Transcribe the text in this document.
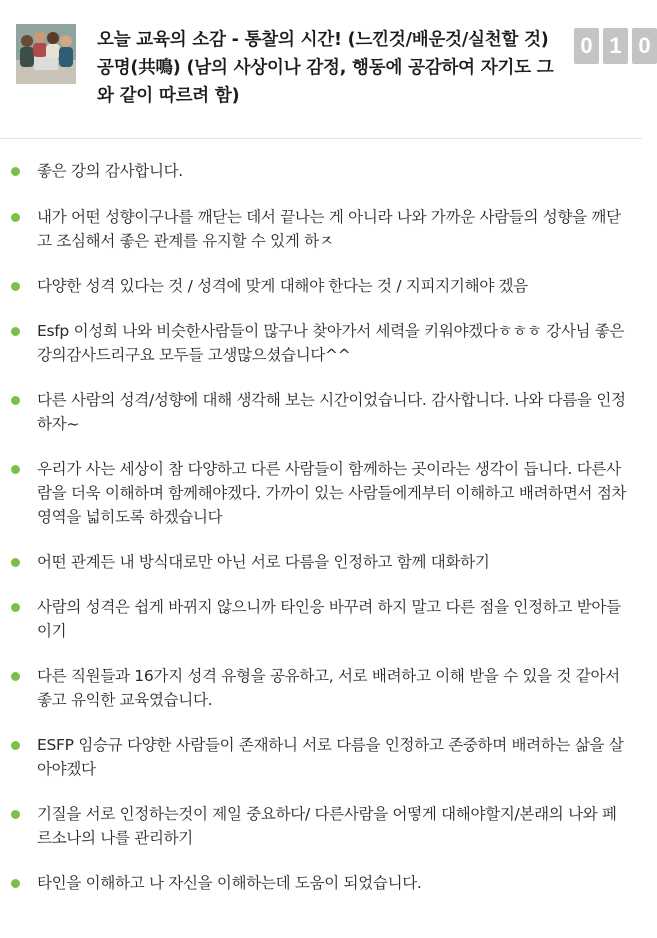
오늘 교육의 소감 - 통찰의 시간! (느낀것/배운것/실천할 것) 공명(共鳴) (남의 사상이나 감정, 행동에 공감하여 자기도 그와 같이 따르려 함)
0 1 0
좋은 강의 감사합니다.
내가 어떤 성향이구나를 깨닫는 데서 끝나는 게 아니라 나와 가까운 사람들의 성향을 깨닫고 조심해서 좋은 관계를 유지할 수 있게 하ㅈ
다양한 성격 있다는 것 / 성격에 맞게 대해야 한다는 것 / 지피지기해야 겠음
Esfp 이성희 나와 비슷한사람들이 많구나 찾아가서 세력을 키워야겠다ㅎㅎㅎ 강사님 좋은강의감사드리구요 모두들 고생많으셨습니다^^
다른 사람의 성격/성향에 대해 생각해 보는 시간이었습니다. 감사합니다. 나와 다름을 인정하자~
우리가 사는 세상이 참 다양하고 다른 사람들이 함께하는 곳이라는 생각이 듭니다. 다른사람을 더욱 이해하며 함께해야겠다. 가까이 있는 사람들에게부터 이해하고 배려하면서 점차 영역을 넓히도록 하겠습니다
어떤 관계든 내 방식대로만 아닌 서로 다름을 인정하고 함께 대화하기
사람의 성격은 쉽게 바뀌지 않으니까 타인응 바꾸려 하지 말고 다른 점을 인정하고 받아들이기
다른 직원들과 16가지 성격 유형을 공유하고, 서로 배려하고 이해 받을 수 있을 것 같아서 좋고 유익한 교육였습니다.
ESFP 임승규 다양한 사람들이 존재하니 서로 다름을 인정하고 존중하며 배려하는 삶을 살아야겠다
기질을 서로 인정하는것이 제일 중요하다/ 다른사람을 어떻게 대해야할지/본래의 나와 페르소나의 나를 관리하기
타인을 이해하고 나 자신을 이해하는데 도움이 되었습니다.
